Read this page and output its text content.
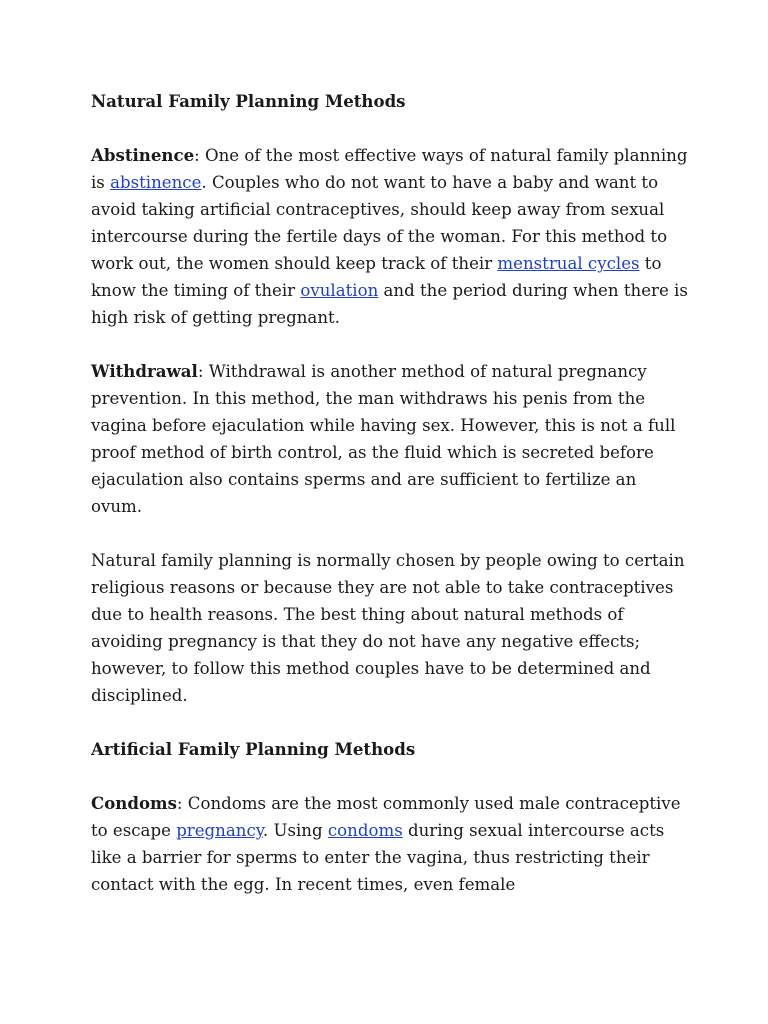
Natural Family Planning Methods

Abstinence: One of the most effective ways of natural family planning is abstinence. Couples who do not want to have a baby and want to avoid taking artificial contraceptives, should keep away from sexual intercourse during the fertile days of the woman. For this method to work out, the women should keep track of their menstrual cycles to know the timing of their ovulation and the period during when there is high risk of getting pregnant.

Withdrawal: Withdrawal is another method of natural pregnancy prevention. In this method, the man withdraws his penis from the vagina before ejaculation while having sex. However, this is not a full proof method of birth control, as the fluid which is secreted before ejaculation also contains sperms and are sufficient to fertilize an ovum.

Natural family planning is normally chosen by people owing to certain religious reasons or because they are not able to take contraceptives due to health reasons. The best thing about natural methods of avoiding pregnancy is that they do not have any negative effects; however, to follow this method couples have to be determined and disciplined.

Artificial Family Planning Methods

Condoms: Condoms are the most commonly used male contraceptive to escape pregnancy. Using condoms during sexual intercourse acts like a barrier for sperms to enter the vagina, thus restricting their contact with the egg. In recent times, even female
